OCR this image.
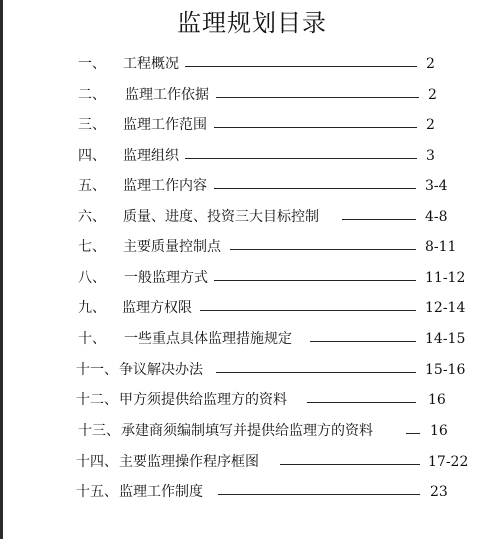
监理规划目录
一、 工程概况	2
二、 监理工作依据	2
三、 监理工作范围	2
四、 监理组织	3
五、 监理工作内容	3-4
六、 质量、进度、投资三大目标控制	4-8
七、 主要质量控制点	8-11
八、 一般监理方式	11-12
九、 监理方权限	12-14
十、 一些重点具体监理措施规定	14-15
十一、 争议解决办法	15-16
十二、 甲方须提供给监理方的资料	16
十三、 承建商须编制填写并提供给监理方的资料	16
十四、 主要监理操作程序框图	17-22
十五、 监理工作制度	23
